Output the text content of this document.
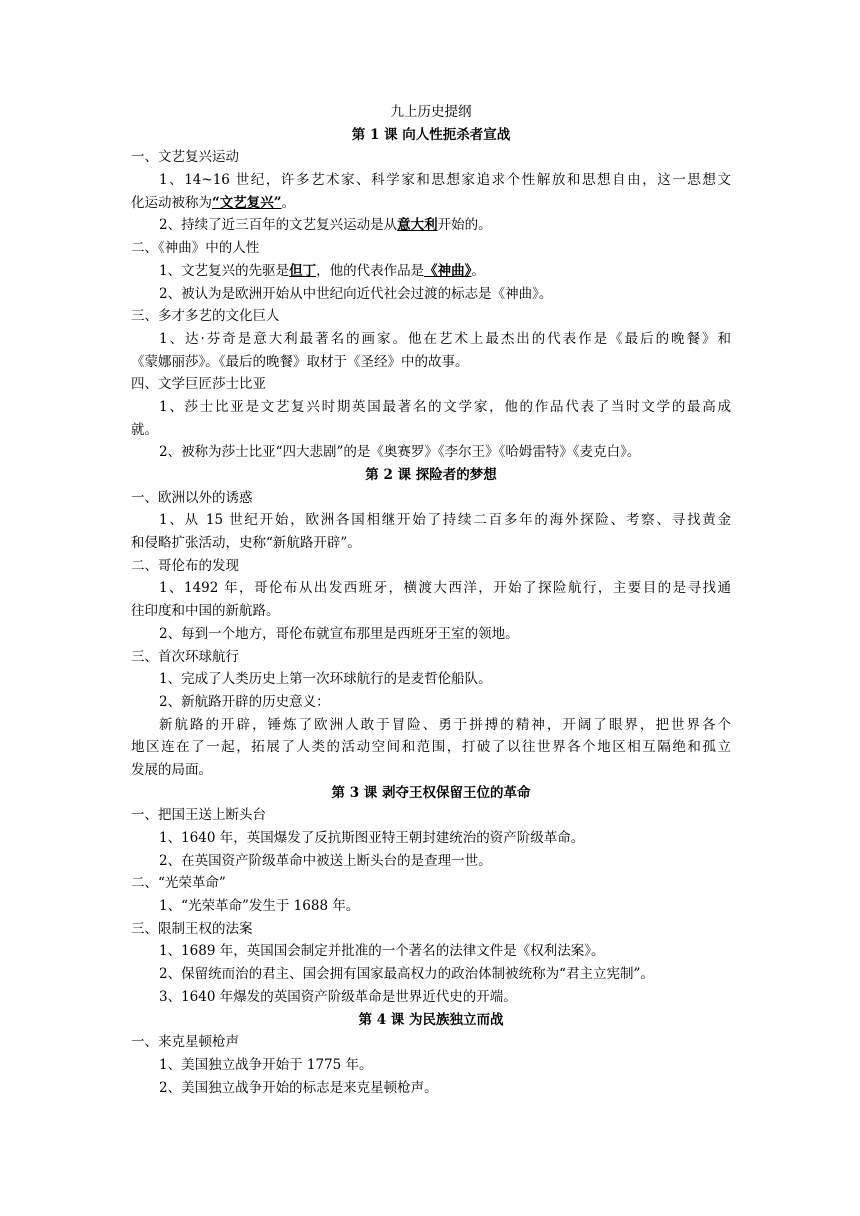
九上历史提纲
第 1 课 向人性扼杀者宣战
一、文艺复兴运动
1、14~16 世纪，许多艺术家、科学家和思想家追求个性解放和思想自由，这一思想文
化运动被称为“文艺复兴”。
2、持续了近三百年的文艺复兴运动是从意大利开始的。
二、《神曲》中的人性
1、文艺复兴的先驱是但丁，他的代表作品是《神曲》。
2、被认为是欧洲开始从中世纪向近代社会过渡的标志是《神曲》。
三、多才多艺的文化巨人
1、达·芬奇是意大利最著名的画家。他在艺术上最杰出的代表作是《最后的晚餐》和
《蒙娜丽莎》。《最后的晚餐》取材于《圣经》中的故事。
四、文学巨匠莎士比亚
1、莎士比亚是文艺复兴时期英国最著名的文学家，他的作品代表了当时文学的最高成
就。
2、被称为莎士比亚“四大悲剧”的是《奥赛罗》《李尔王》《哈姆雷特》《麦克白》。
第 2 课 探险者的梦想
一、欧洲以外的诱惑
1、从 15 世纪开始，欧洲各国相继开始了持续二百多年的海外探险、考察、寻找黄金
和侵略扩张活动，史称“新航路开辟”。
二、哥伦布的发现
1、1492 年，哥伦布从出发西班牙，横渡大西洋，开始了探险航行，主要目的是寻找通
往印度和中国的新航路。
2、每到一个地方，哥伦布就宣布那里是西班牙王室的领地。
三、首次环球航行
1、完成了人类历史上第一次环球航行的是麦哲伦船队。
2、新航路开辟的历史意义：
新航路的开辟，锤炼了欧洲人敢于冒险、勇于拼搏的精神，开阔了眼界，把世界各个
地区连在了一起，拓展了人类的活动空间和范围，打破了以往世界各个地区相互隔绝和孤立
发展的局面。
第 3 课 剥夺王权保留王位的革命
一、把国王送上断头台
1、1640 年，英国爆发了反抗斯图亚特王朝封建统治的资产阶级革命。
2、在英国资产阶级革命中被送上断头台的是查理一世。
二、“光荣革命”
1、“光荣革命”发生于 1688 年。
三、限制王权的法案
1、1689 年，英国国会制定并批准的一个著名的法律文件是《权利法案》。
2、保留统而治的君主、国会拥有国家最高权力的政治体制被统称为“君主立宪制”。
3、1640 年爆发的英国资产阶级革命是世界近代史的开端。
第 4 课 为民族独立而战
一、来克星顿枪声
1、美国独立战争开始于 1775 年。
2、美国独立战争开始的标志是来克星顿枪声。
